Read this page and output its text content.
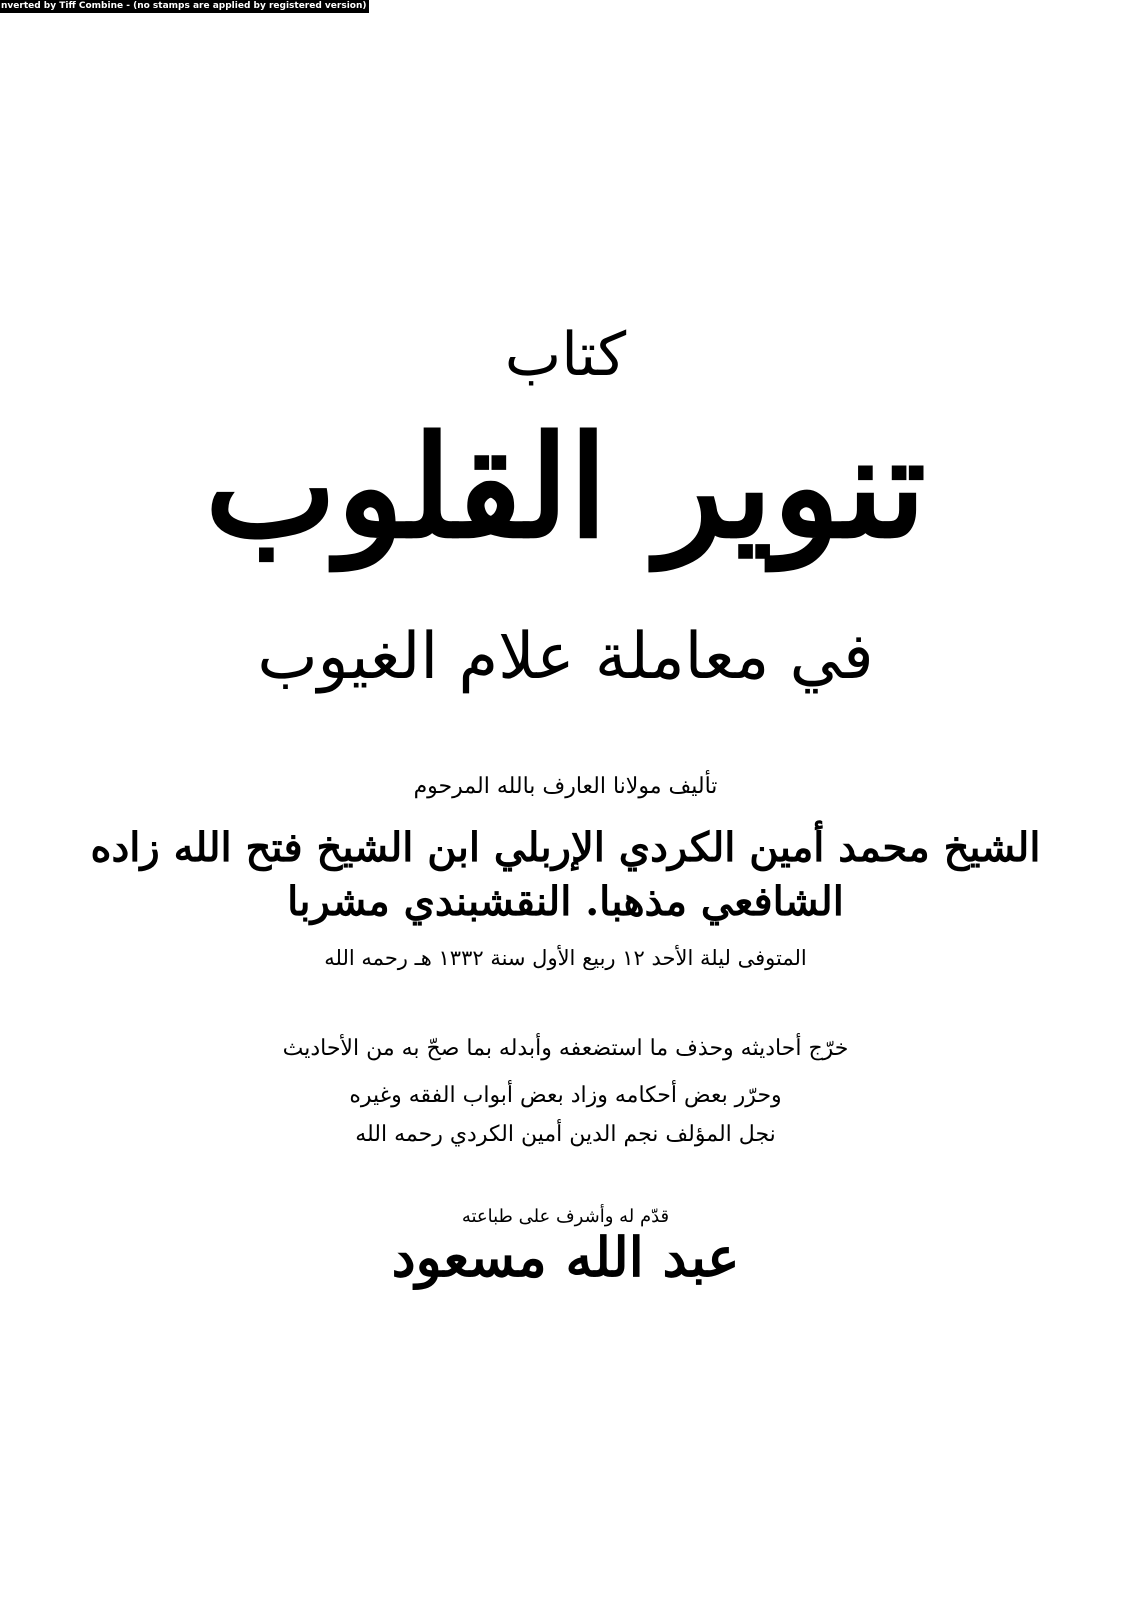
nverted by Tiff Combine - (no stamps are applied by registered version)
كتاب
تنوير القلوب
في معاملة علام الغيوب
تأليف مولانا العارف بالله المرحوم
الشيخ محمد أمين الكردي الإربلي ابن الشيخ فتح الله زاده
الشافعي مذهبا. النقشبندي مشربا
المتوفى ليلة الأحد ١٢ ربيع الأول سنة ١٣٣٢ هـ رحمه الله
خرّج أحاديثه وحذف ما استضعفه وأبدله بما صحّ به من الأحاديث
وحرّر بعض أحكامه وزاد بعض أبواب الفقه وغيره
نجل المؤلف نجم الدين أمين الكردي رحمه الله
قدّم له وأشرف على طباعته
عبد الله مسعود
